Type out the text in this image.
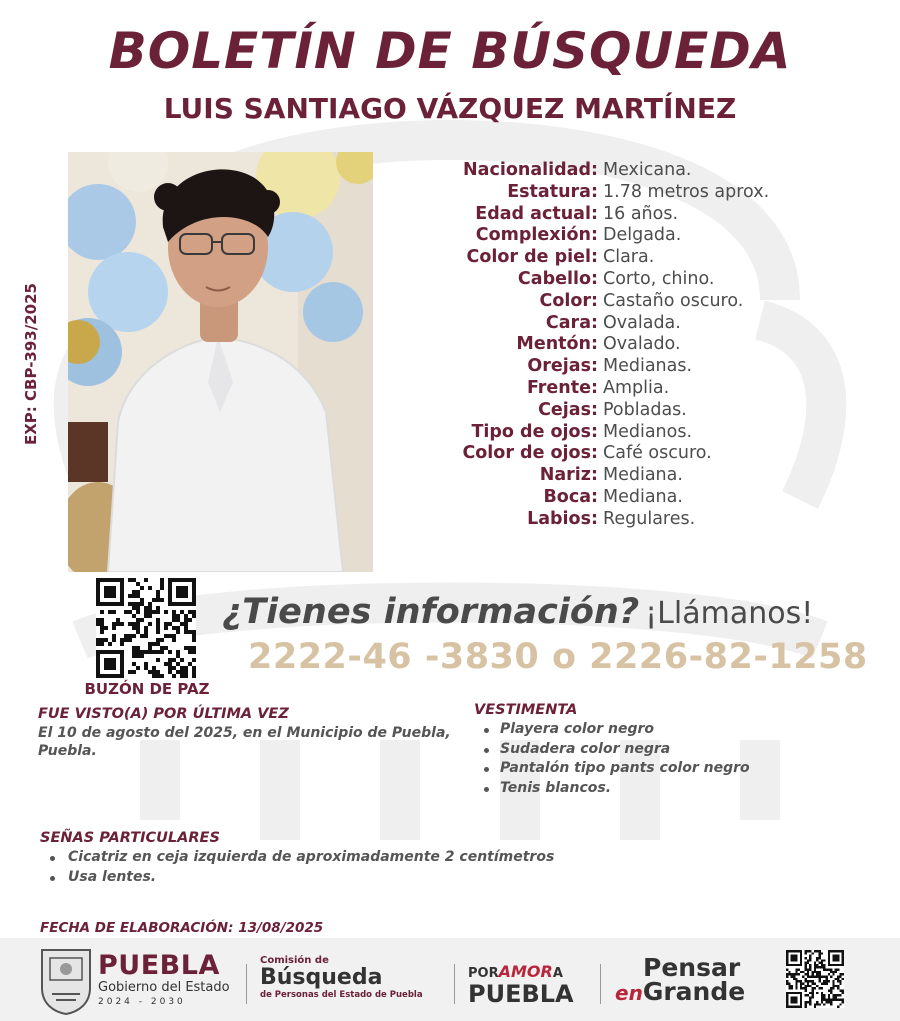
BOLETÍN DE BÚSQUEDA
LUIS SANTIAGO VÁZQUEZ MARTÍNEZ
EXP: CBP-393/2025
Nacionalidad: Mexicana.
Estatura: 1.78 metros aprox.
Edad actual: 16 años.
Complexión: Delgada.
Color de piel: Clara.
Cabello: Corto, chino.
Color: Castaño oscuro.
Cara: Ovalada.
Mentón: Ovalado.
Orejas: Medianas.
Frente: Amplia.
Cejas: Pobladas.
Tipo de ojos: Medianos.
Color de ojos: Café oscuro.
Nariz: Mediana.
Boca: Mediana.
Labios: Regulares.
BUZÓN DE PAZ
¿Tienes información? ¡Llámanos!
2222-46 -3830 o 2226-82-1258
FUE VISTO(A) POR ÚLTIMA VEZ
El 10 de agosto del 2025, en el Municipio de Puebla, Puebla.
VESTIMENTA
Playera color negro
Sudadera color negra
Pantalón tipo pants color negro
Tenis blancos.
SEÑAS PARTICULARES
Cicatriz en ceja izquierda de aproximadamente 2 centímetros
Usa lentes.
FECHA DE ELABORACIÓN: 13/08/2025
PUEBLA
Gobierno del Estado
2024 - 2030
Comisión de
Búsqueda
de Personas del Estado de Puebla
PORAMORA
PUEBLA
Pensar
enGrande
